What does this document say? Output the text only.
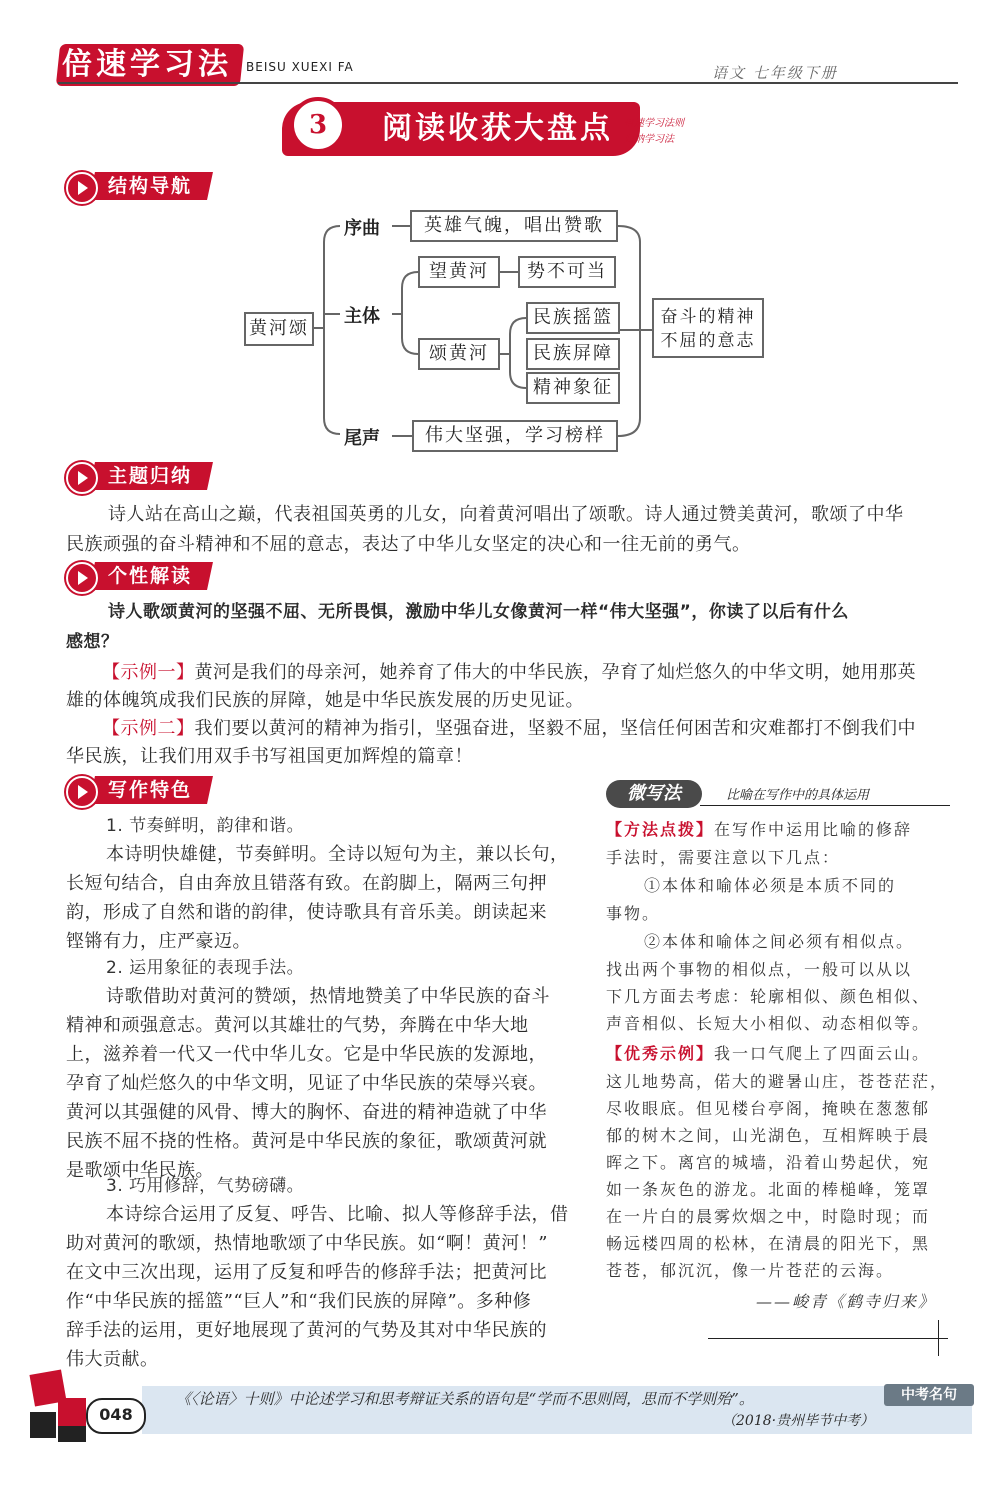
倍速学习法 BEISU XUEXI FA	语文 七年级下册
3	阅读收获大盘点 倍速学习法则
归纳学习法
结构导航
黄河颂
序曲	英雄气魄，唱出赞歌
主体
望黄河	势不可当
颂黄河
民族摇篮
民族屏障
精神象征
奋斗的精神
不屈的意志
尾声	伟大坚强，学习榜样
主题归纳
诗人站在高山之巅，代表祖国英勇的儿女，向着黄河唱出了颂歌。诗人通过赞美黄河，歌颂了中华
民族顽强的奋斗精神和不屈的意志，表达了中华儿女坚定的决心和一往无前的勇气。
个性解读
诗人歌颂黄河的坚强不屈、无所畏惧，激励中华儿女像黄河一样“伟大坚强”，你读了以后有什么
感想？
【示例一】黄河是我们的母亲河，她养育了伟大的中华民族，孕育了灿烂悠久的中华文明，她用那英
雄的体魄筑成我们民族的屏障，她是中华民族发展的历史见证。
【示例二】我们要以黄河的精神为指引，坚强奋进，坚毅不屈，坚信任何困苦和灾难都打不倒我们中
华民族，让我们用双手书写祖国更加辉煌的篇章！
写作特色
1. 节奏鲜明，韵律和谐。
本诗明快雄健，节奏鲜明。全诗以短句为主，兼以长句，
长短句结合，自由奔放且错落有致。在韵脚上，隔两三句押
韵，形成了自然和谐的韵律，使诗歌具有音乐美。朗读起来
铿锵有力，庄严豪迈。
2. 运用象征的表现手法。
诗歌借助对黄河的赞颂，热情地赞美了中华民族的奋斗
精神和顽强意志。黄河以其雄壮的气势，奔腾在中华大地
上，滋养着一代又一代中华儿女。它是中华民族的发源地，
孕育了灿烂悠久的中华文明，见证了中华民族的荣辱兴衰。
黄河以其强健的风骨、博大的胸怀、奋进的精神造就了中华
民族不屈不挠的性格。黄河是中华民族的象征，歌颂黄河就
是歌颂中华民族。
3. 巧用修辞，气势磅礴。
本诗综合运用了反复、呼告、比喻、拟人等修辞手法，借
助对黄河的歌颂，热情地歌颂了中华民族。如“啊！黄河！”
在文中三次出现，运用了反复和呼告的修辞手法；把黄河比
作“中华民族的摇篮”“巨人”和“我们民族的屏障”。多种修
辞手法的运用，更好地展现了黄河的气势及其对中华民族的
伟大贡献。
微写法	比喻在写作中的具体运用
【方法点拨】在写作中运用比喻的修辞
手法时，需要注意以下几点：
①本体和喻体必须是本质不同的
事物。
②本体和喻体之间必须有相似点。
找出两个事物的相似点，一般可以从以
下几方面去考虑：轮廓相似、颜色相似、
声音相似、长短大小相似、动态相似等。
【优秀示例】我一口气爬上了四面云山。
这儿地势高，偌大的避暑山庄，苍苍茫茫，
尽收眼底。但见楼台亭阁，掩映在葱葱郁
郁的树木之间，山光湖色，互相辉映于晨
晖之下。离宫的城墙，沿着山势起伏，宛
如一条灰色的游龙。北面的棒槌峰，笼罩
在一片白的晨雾炊烟之中，时隐时现；而
畅远楼四周的松林，在清晨的阳光下，黑
苍苍，郁沉沉，像一片苍茫的云海。
——峻青《鹤寺归来》
048
《〈论语〉十则》中论述学习和思考辩证关系的语句是“学而不思则罔，思而不学则殆”。
（2018·贵州毕节中考）
中考名句
